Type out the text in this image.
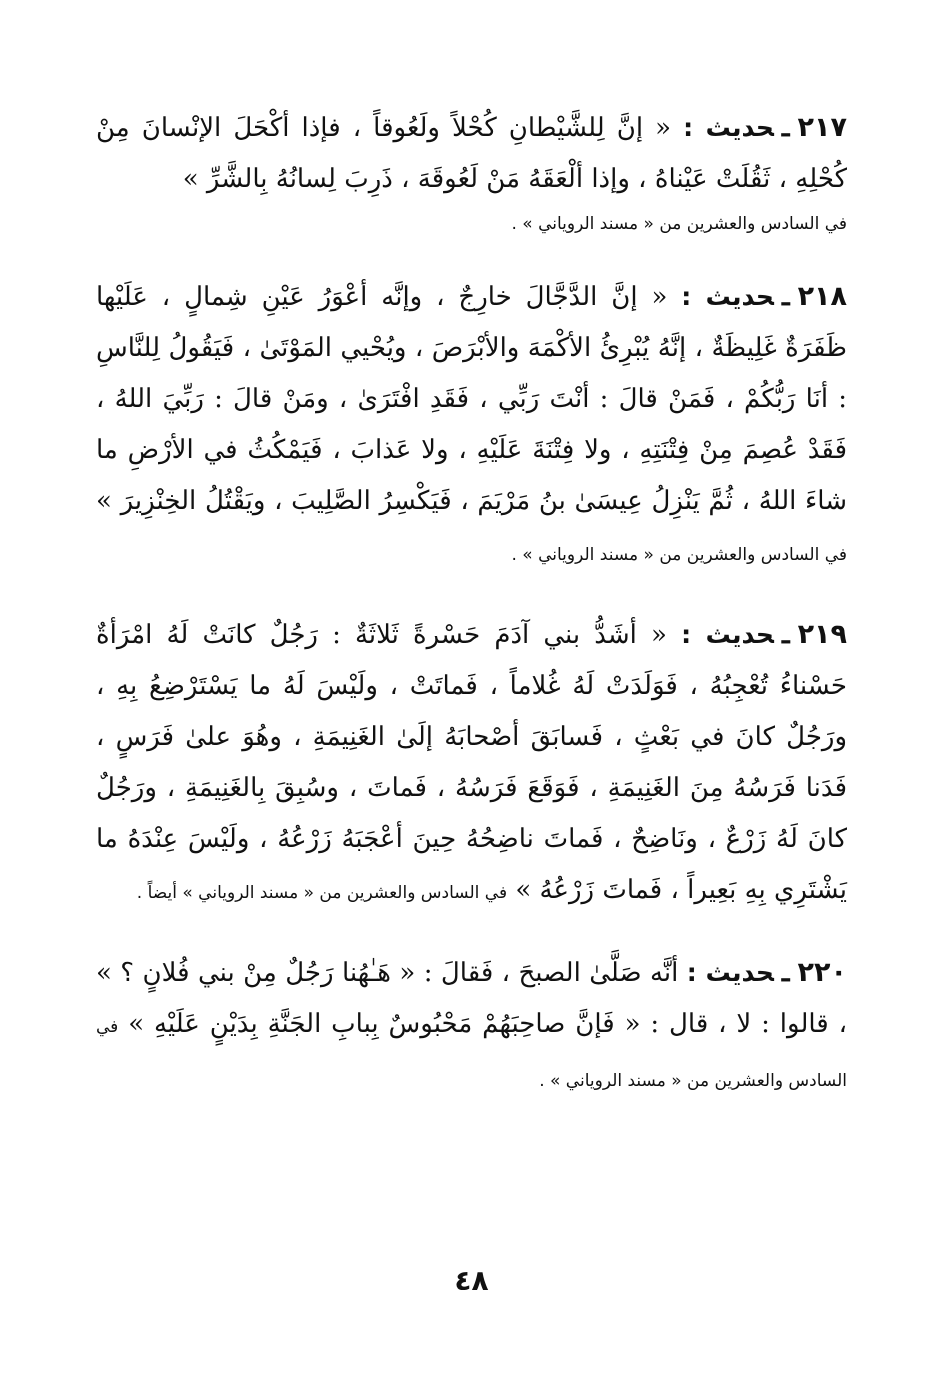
٢١٧ـحديث : « إنَّ لِلشَّيْطانِ كُحْلاً ولَعُوقاً ، فإذا أكْحَلَ الإنْسانَ مِنْ كُحْلِهِ ، ثَقُلَتْ عَيْناهُ ، وإذا ألْعَقَهُ مَنْ لَعُوقَهَ ، ذَرِبَ لِسانُهُ بِالشَّرِّ »

في السادس والعشرين من « مسند الروياني » .

٢١٨ـحديث : « إنَّ الدَّجَّالَ خارِجٌ ، وإنَّه أعْوَرُ عَيْنِ شِمالٍ ، عَلَيْها ظَفَرَةٌ غَلِيظَةٌ ، إنَّهُ يُبْرِئُ الأكْمَهَ والأبْرَصَ ، ويُحْيي المَوْتَىٰ ، فَيَقُولُ لِلنَّاسِ : أنَا رَبُّكُمْ ، فَمَنْ قالَ : أنْتَ رَبِّي ، فَقَدِ افْتَرَىٰ ، ومَنْ قالَ : رَبِّيَ اللهُ ، فَقَدْ عُصِمَ مِنْ فِتْنَتِهِ ، ولا فِتْنَةَ عَلَيْهِ ، ولا عَذابَ ، فَيَمْكُثُ في الأرْضِ ما شاءَ اللهُ ، ثُمَّ يَنْزِلُ عِيسَىٰ بنُ مَرْيَمَ ، فَيَكْسِرُ الصَّلِيبَ ، ويَقْتُلُ الخِنْزِيرَ » في السادس والعشرين من « مسند الروياني » .

٢١٩ـحديث : « أشَدُّ بني آدَمَ حَسْرةً ثَلاثَةٌ : رَجُلٌ كانَتْ لَهُ امْرَأةٌ حَسْناءُ تُعْجِبُهُ ، فَوَلَدَتْ لَهُ غُلاماً ، فَماتَتْ ، ولَيْسَ لَهُ ما يَسْتَرْضِعُ بِهِ ، ورَجُلٌ كانَ في بَعْثٍ ، فَسابَقَ أصْحابَهُ إلَىٰ الغَنِيمَةِ ، وهُوَ علىٰ فَرَسٍ ، فَدَنا فَرَسُهُ مِنَ الغَنِيمَةِ ، فَوَقَعَ فَرَسُهُ ، فَماتَ ، وسُبِقَ بِالغَنِيمَةِ ، ورَجُلٌ كانَ لَهُ زَرْعٌ ، ونَاضِحٌ ، فَماتَ ناضِحُهُ حِينَ أعْجَبَهُ زَرْعُهُ ، ولَيْسَ عِنْدَهُ ما يَشْتَرِي بِهِ بَعِيراً ، فَماتَ زَرْعُهُ » في السادس والعشرين من « مسند الروياني » أيضاً .

٢٢٠ـحديث : أنَّه صَلَّىٰ الصبحَ ، فَقالَ : « هَـٰهُنا رَجُلٌ مِنْ بني فُلانٍ ؟ » ، قالوا : لا ، قال : « فَإنَّ صاحِبَهُمْ مَحْبُوسٌ بِبابِ الجَنَّةِ بِدَيْنٍ عَلَيْهِ » في السادس والعشرين من « مسند الروياني » .

٤٨
